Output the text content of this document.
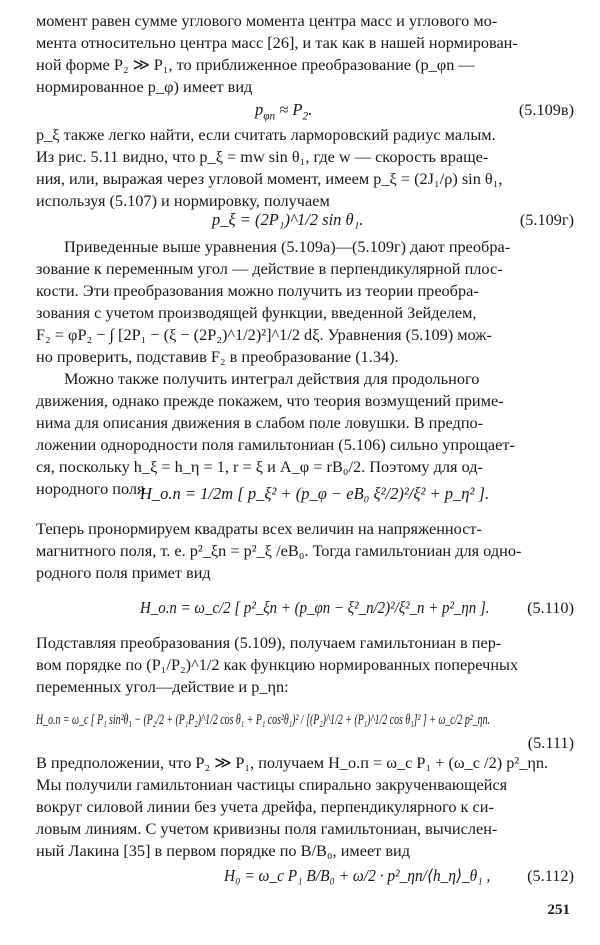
момент равен сумме углового момента центра масс и углового мо-
мента относительно центра масс [26], и так как в нашей нормирован-
ной форме P₂ ≫ P₁, то приближенное преобразование (p_φn —
нормированное p_φ) имеет вид
$p_{\varphi n} \approx P_2$.	(5.109в)
p_ξ также легко найти, если считать ларморовский радиус малым.
Из рис. 5.11 видно, что p_ξ = mw sin θ₁, где w — скорость враще-
ния, или, выражая через угловой момент, имеем p_ξ = (2J₁/ρ) sin θ₁,
используя (5.107) и нормировку, получаем
p_ξ = (2P₁)^1/2 sin θ₁.	(5.109г)
Приведенные выше уравнения (5.109а)—(5.109г) дают преобра-
зование к переменным угол — действие в перпендикулярной плос-
кости. Эти преобразования можно получить из теории преобра-
зования с учетом производящей функции, введенной Зейделем,
F₂ = φP₂ − ∫ [2P₁ − (ξ − (2P₂)^1/2)²]^1/2 dξ. Уравнения (5.109) мож-
но проверить, подставив F₂ в преобразование (1.34).
Можно также получить интеграл действия для продольного
движения, однако прежде покажем, что теория возмущений приме-
нима для описания движения в слабом поле ловушки. В предпо-
ложении однородности поля гамильтониан (5.106) сильно упрощает-
ся, поскольку h_ξ = h_η = 1, r = ξ и A_φ = rB₀/2. Поэтому для од-
нородного поля
H_o.п = 1/2m [ p_ξ² + (p_φ − eB₀ ξ²/2)²/ξ² + p_η² ].
Теперь пронормируем квадраты всех величин на напряженност-
магнитного поля, т. е. p²_ξn = p²_ξ /eB₀. Тогда гамильтониан для одно-
родного поля примет вид
H_o.п = ω_c/2 [ p²_ξn + (p_φn − ξ²_n/2)²/ξ²_n + p²_ηn ]. (5.110)
Подставляя преобразования (5.109), получаем гамильтониан в пер-
вом порядке по (P₁/P₂)^1/2 как функцию нормированных поперечных
переменных угол—действие и p_ηn:
H_o.п = ω_c [ P₁ sin²θ₁ − (P₂/2 + (P₁P₂)^1/2 cos θ₁ + P₁ cos²θ₁)² / [(P₂)^1/2 + (P₁)^1/2 cos θ₁]² ] + ω_c/2 p²_ηn.
(5.111)
В предположении, что P₂ ≫ P₁, получаем H_o.п = ω_c P₁ + (ω_c /2) p²_ηn.
Мы получили гамильтониан частицы спирально закрученвающейся
вокруг силовой линии без учета дрейфа, перпендикулярного к си-
ловым линиям. С учетом кривизны поля гамильтониан, вычислен-
ный Лакина [35] в первом порядке по B/B₀, имеет вид
H₀ = ω_c P₁ B/B₀ + ω/2 · p²_ηn/⟨h_η⟩_θ₁ , (5.112)
251
